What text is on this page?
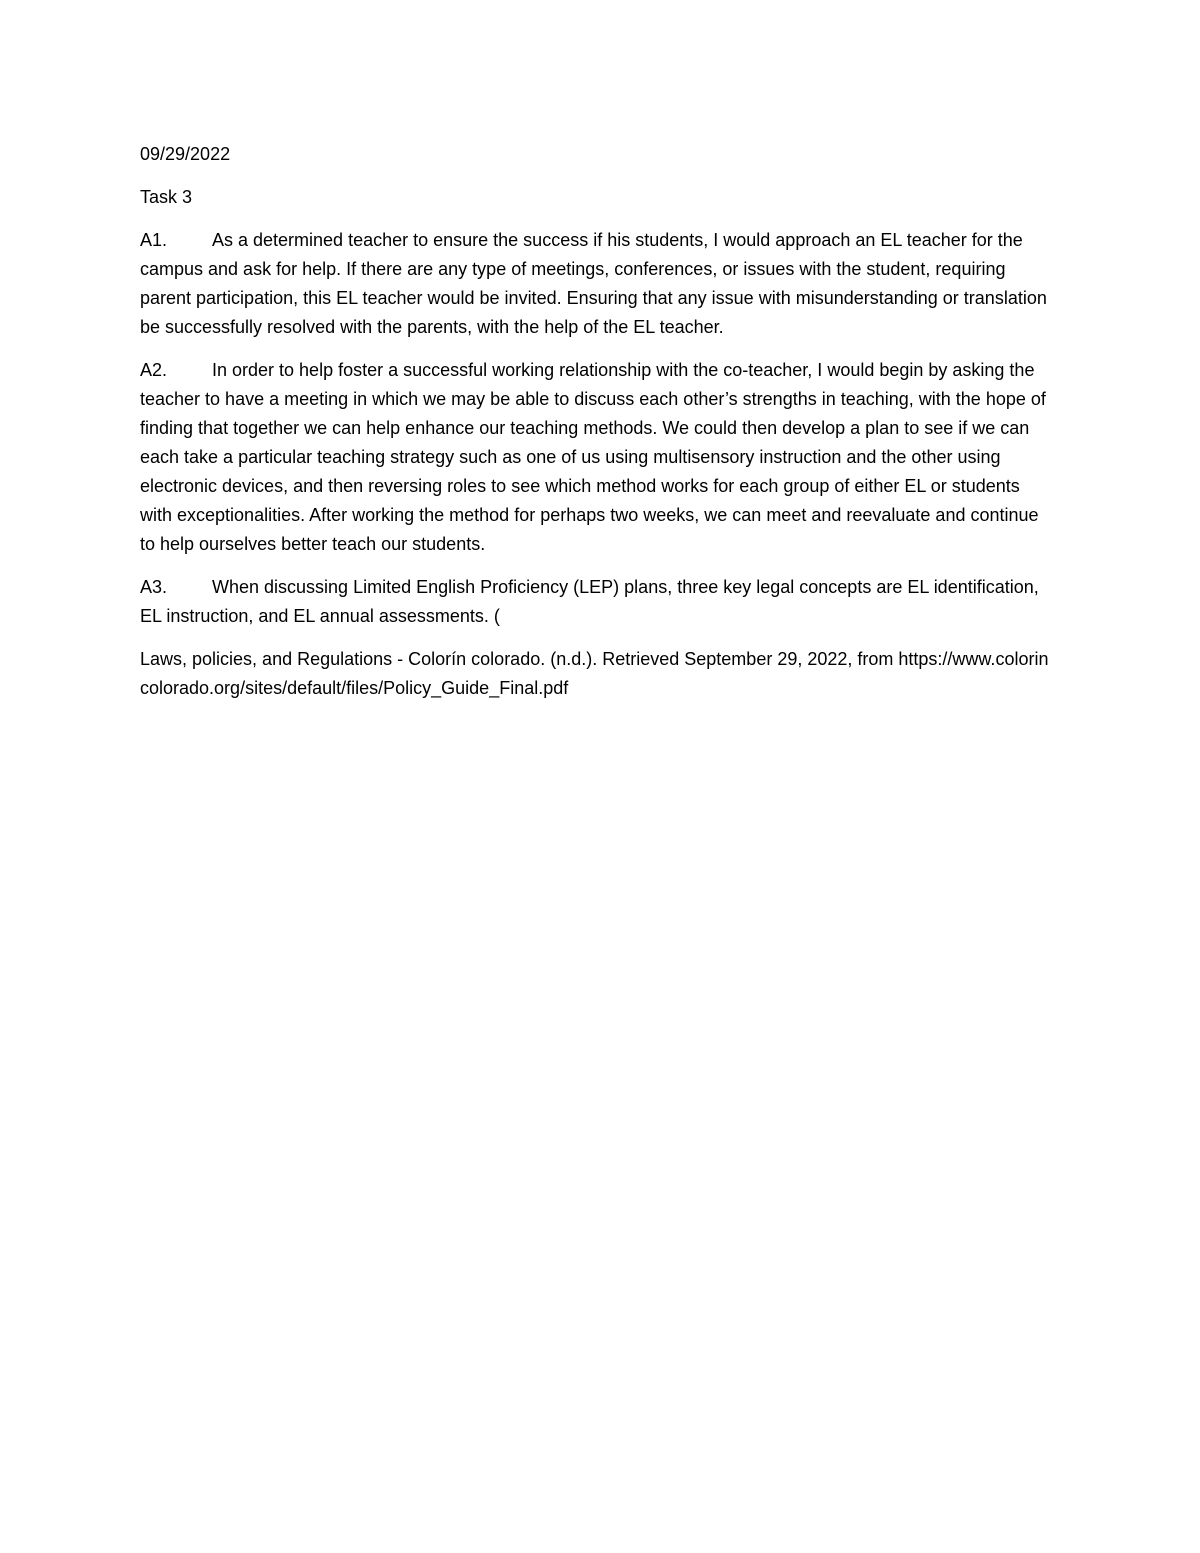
09/29/2022

Task 3

A1. As a determined teacher to ensure the success if his students, I would approach an EL teacher for the campus and ask for help. If there are any type of meetings, conferences, or issues with the student, requiring parent participation, this EL teacher would be invited. Ensuring that any issue with misunderstanding or translation be successfully resolved with the parents, with the help of the EL teacher.

A2. In order to help foster a successful working relationship with the co-teacher, I would begin by asking the teacher to have a meeting in which we may be able to discuss each other’s strengths in teaching, with the hope of finding that together we can help enhance our teaching methods. We could then develop a plan to see if we can each take a particular teaching strategy such as one of us using multisensory instruction and the other using electronic devices, and then reversing roles to see which method works for each group of either EL or students with exceptionalities. After working the method for perhaps two weeks, we can meet and reevaluate and continue to help ourselves better teach our students.

A3. When discussing Limited English Proficiency (LEP) plans, three key legal concepts are EL identification, EL instruction, and EL annual assessments. (

Laws, policies, and Regulations - Colorín colorado. (n.d.). Retrieved September 29, 2022, from https://www.colorincolorado.org/sites/default/files/Policy_Guide_Final.pdf
